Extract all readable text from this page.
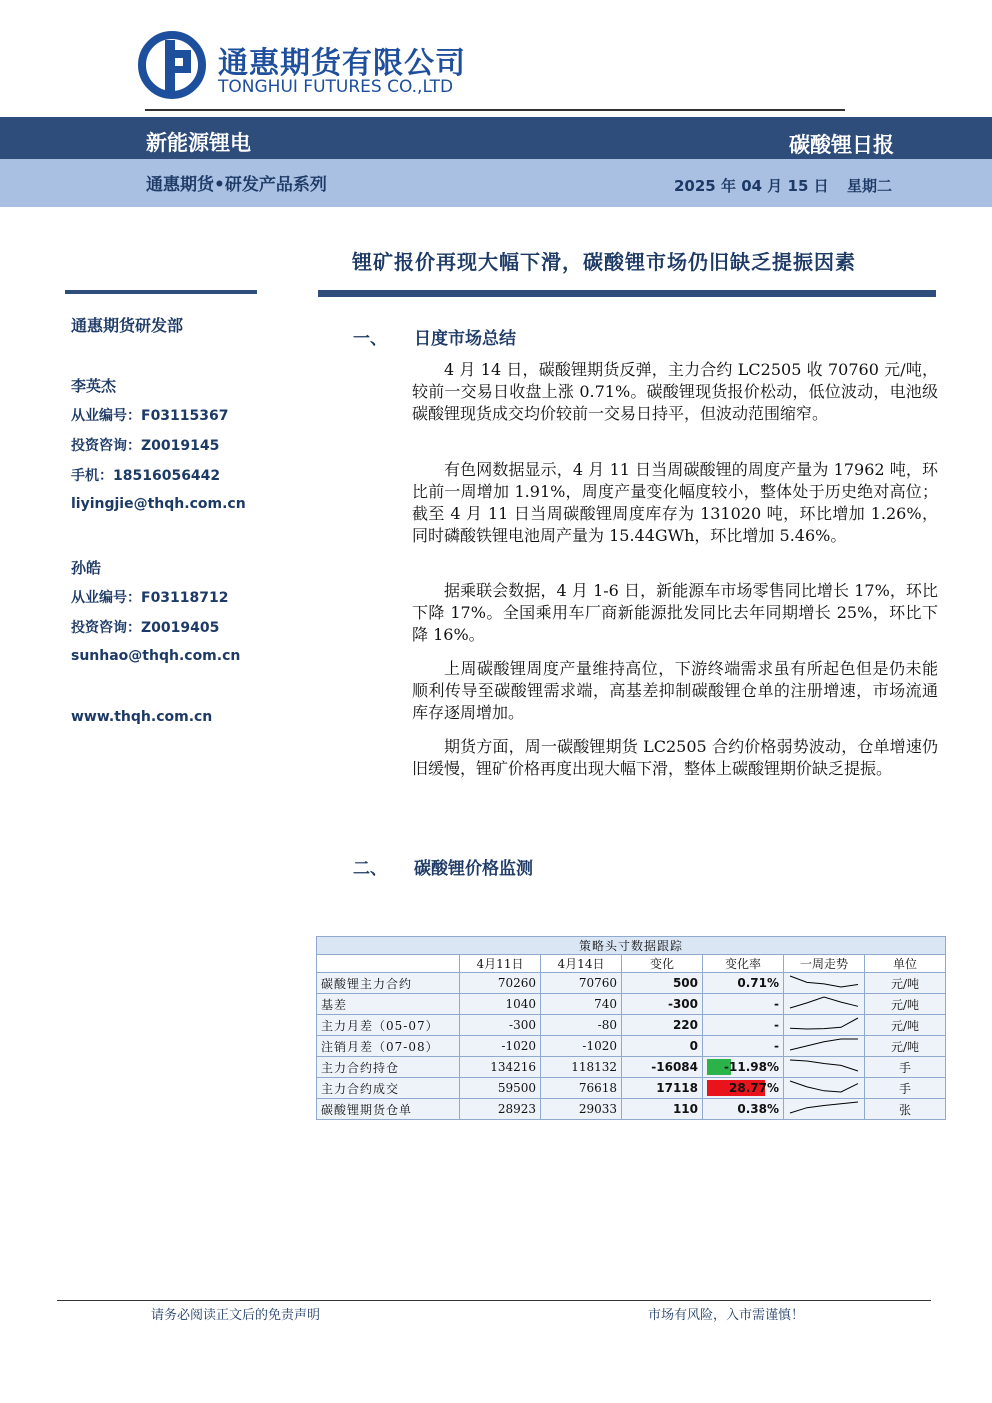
通惠期货有限公司
TONGHUI FUTURES CO.,LTD
新能源锂电	碳酸锂日报
通惠期货•研发产品系列	2025 年 04 月 15 日 星期二
锂矿报价再现大幅下滑，碳酸锂市场仍旧缺乏提振因素
通惠期货研发部
李英杰
从业编号：F03115367
投资咨询：Z0019145
手机：18516056442
liyingjie@thqh.com.cn
孙皓
从业编号：F03118712
投资咨询：Z0019405
sunhao@thqh.com.cn
www.thqh.com.cn
一、 日度市场总结

4 月 14 日，碳酸锂期货反弹，主力合约 LC2505 收 70760 元/吨，较前一交易日收盘上涨 0.71%。碳酸锂现货报价松动，低位波动，电池级碳酸锂现货成交均价较前一交易日持平，但波动范围缩窄。

有色网数据显示，4 月 11 日当周碳酸锂的周度产量为 17962 吨，环比前一周增加 1.91%，周度产量变化幅度较小，整体处于历史绝对高位；截至 4 月 11 日当周碳酸锂周度库存为 131020 吨，环比增加 1.26%，同时磷酸铁锂电池周产量为 15.44GWh，环比增加 5.46%。

据乘联会数据，4 月 1-6 日，新能源车市场零售同比增长 17%，环比下降 17%。全国乘用车厂商新能源批发同比去年同期增长 25%，环比下降 16%。

上周碳酸锂周度产量维持高位，下游终端需求虽有所起色但是仍未能顺利传导至碳酸锂需求端，高基差抑制碳酸锂仓单的注册增速，市场流通库存逐周增加。

期货方面，周一碳酸锂期货 LC2505 合约价格弱势波动，仓单增速仍旧缓慢，锂矿价格再度出现大幅下滑，整体上碳酸锂期价缺乏提振。

二、 碳酸锂价格监测
策略头寸数据跟踪						
	4月11日	4月14日	变化	变化率	一周走势	单位
碳酸锂主力合约	70260	70760	500	0.71%		元/吨
基差	1040	740	-300	-		元/吨
主力月差（05-07）	-300	-80	220	-		元/吨
注销月差（07-08）	-1020	-1020	0	-		元/吨
主力合约持仓	134216	118132	-16084	-11.98%		手
主力合约成交	59500	76618	17118	28.77%		手
碳酸锂期货仓单	28923	29033	110	0.38%		张
请务必阅读正文后的免责声明	市场有风险，入市需谨慎！
